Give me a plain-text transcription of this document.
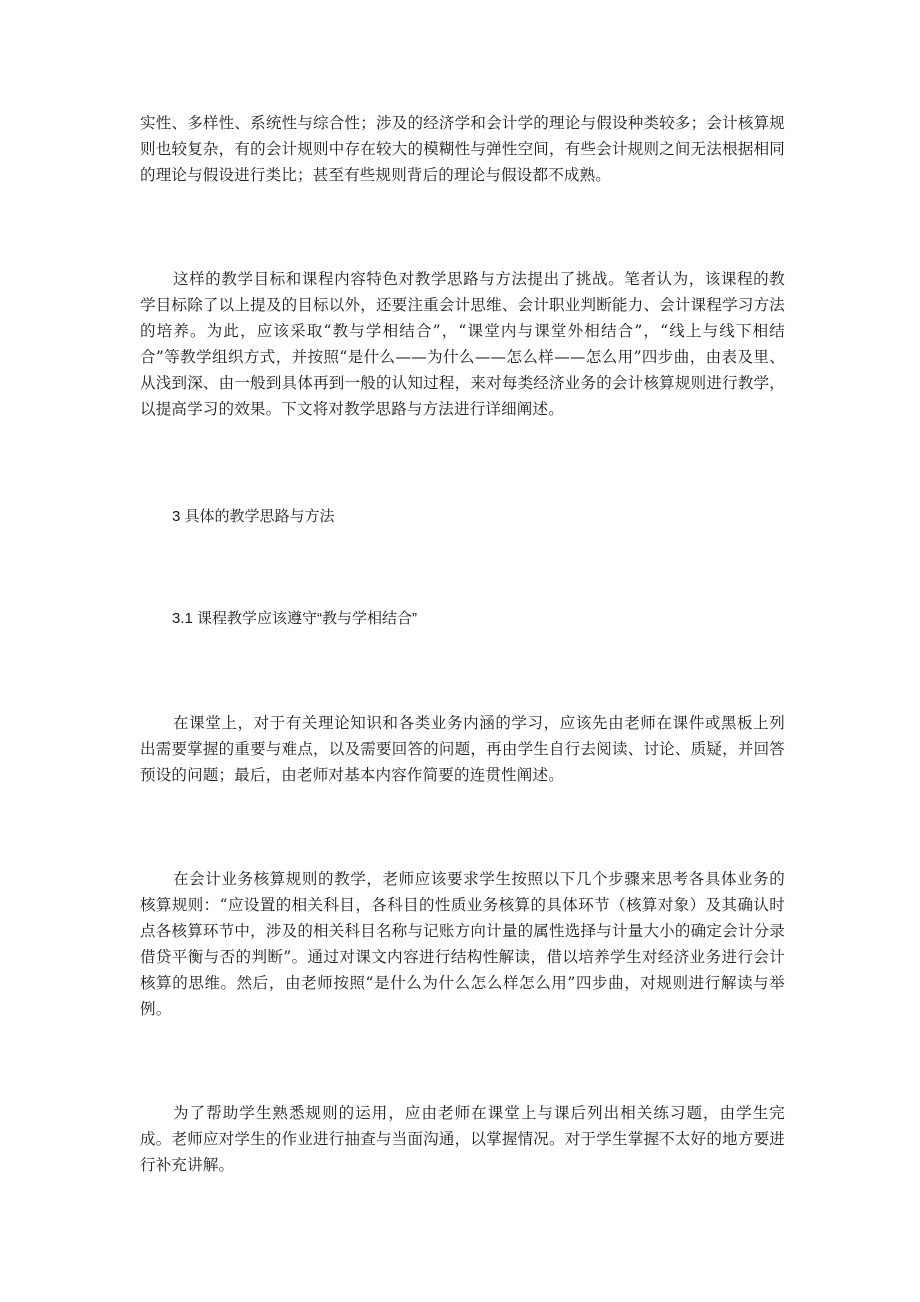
实性、多样性、系统性与综合性；涉及的经济学和会计学的理论与假设种类较多；会计核算规则也较复杂，有的会计规则中存在较大的模糊性与弹性空间，有些会计规则之间无法根据相同的理论与假设进行类比；甚至有些规则背后的理论与假设都不成熟。

这样的教学目标和课程内容特色对教学思路与方法提出了挑战。笔者认为，该课程的教学目标除了以上提及的目标以外，还要注重会计思维、会计职业判断能力、会计课程学习方法的培养。为此，应该采取“教与学相结合”，“课堂内与课堂外相结合”，“线上与线下相结合”等教学组织方式，并按照“是什么——为什么——怎么样——怎么用”四步曲，由表及里、从浅到深、由一般到具体再到一般的认知过程，来对每类经济业务的会计核算规则进行教学，以提高学习的效果。下文将对教学思路与方法进行详细阐述。

3 具体的教学思路与方法

3.1 课程教学应该遵守“教与学相结合”

在课堂上，对于有关理论知识和各类业务内涵的学习，应该先由老师在课件或黑板上列出需要掌握的重要与难点，以及需要回答的问题，再由学生自行去阅读、讨论、质疑，并回答预设的问题；最后，由老师对基本内容作简要的连贯性阐述。

在会计业务核算规则的教学，老师应该要求学生按照以下几个步骤来思考各具体业务的核算规则：“应设置的相关科目，各科目的性质业务核算的具体环节（核算对象）及其确认时点各核算环节中，涉及的相关科目名称与记账方向计量的属性选择与计量大小的确定会计分录借贷平衡与否的判断”。通过对课文内容进行结构性解读，借以培养学生对经济业务进行会计核算的思维。然后，由老师按照“是什么为什么怎么样怎么用”四步曲，对规则进行解读与举例。

为了帮助学生熟悉规则的运用，应由老师在课堂上与课后列出相关练习题，由学生完成。老师应对学生的作业进行抽查与当面沟通，以掌握情况。对于学生掌握不太好的地方要进行补充讲解。
